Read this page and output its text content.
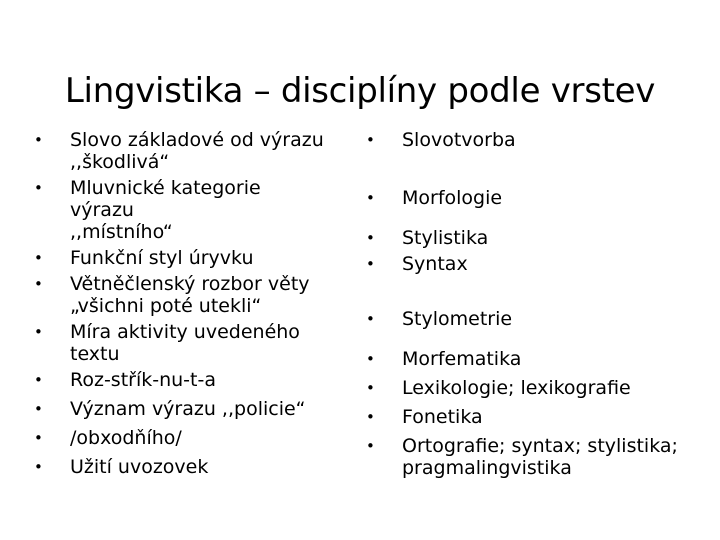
Lingvistika – disciplíny podle vrstev
•	Slovo základové od výrazu
,,škodlivá“
•	Mluvnické kategorie výrazu
,,místního“
•	Funkční styl úryvku
•	Větněčlenský rozbor věty
„všichni poté utekli“
•	Míra aktivity uvedeného
textu
•	Roz-střík-nu-t-a
•	Význam výrazu ,,policie“
•	/obxodňího/
•	Užití uvozovek
•	Slovotvorba
•	Morfologie
•	Stylistika
•	Syntax
•	Stylometrie
•	Morfematika
•	Lexikologie; lexikografie
•	Fonetika
•	Ortografie; syntax; stylistika;
pragmalingvistika
